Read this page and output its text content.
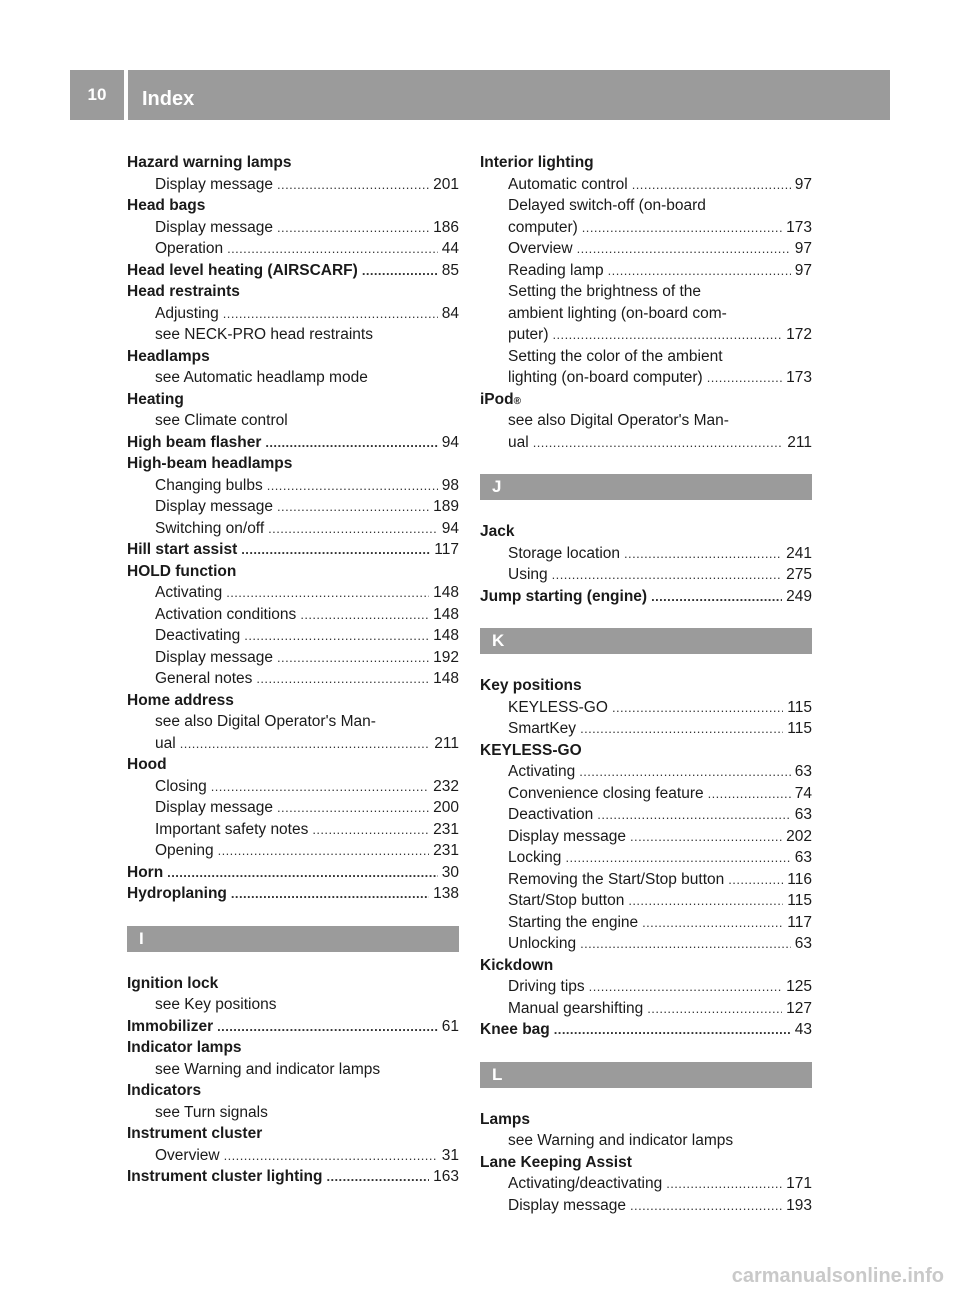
10	Index
Hazard warning lamps
Display message . . .	201
Head bags
Display message . . .	186
Operation . . .	44
Head level heating (AIRSCARF) . . .	85
Head restraints
Adjusting . . .	84
see NECK-PRO head restraints
Headlamps
see Automatic headlamp mode
Heating
see Climate control
High beam flasher . . .	94
High-beam headlamps
Changing bulbs . . .	98
Display message . . .	189
Switching on/off . . .	94
Hill start assist . . .	117
HOLD function
Activating . . .	148
Activation conditions . . .	148
Deactivating . . .	148
Display message . . .	192
General notes . . .	148
Home address
see also Digital Operator's Man-
ual . . .	211
Hood
Closing . . .	232
Display message . . .	200
Important safety notes . . .	231
Opening . . .	231
Horn . . .	30
Hydroplaning . . .	138
I
Ignition lock
see Key positions
Immobilizer . . .	61
Indicator lamps
see Warning and indicator lamps
Indicators
see Turn signals
Instrument cluster
Overview . . .	31
Instrument cluster lighting . . .	163
Interior lighting
Automatic control . . .	97
Delayed switch-off (on-board
computer) . . .	173
Overview . . .	97
Reading lamp . . .	97
Setting the brightness of the
ambient lighting (on-board com-
puter) . . .	172
Setting the color of the ambient
lighting (on-board computer) . . .	173
iPod ®
see also Digital Operator's Man-
ual . . .	211
J
Jack
Storage location . . .	241
Using . . .	275
Jump starting (engine) . . .	249
K
Key positions
KEYLESS-GO . . .	115
SmartKey . . .	115
KEYLESS-GO
Activating . . .	63
Convenience closing feature . . .	74
Deactivation . . .	63
Display message . . .	202
Locking . . .	63
Removing the Start/Stop button . . .	116
Start/Stop button . . .	115
Starting the engine . . .	117
Unlocking . . .	63
Kickdown
Driving tips . . .	125
Manual gearshifting . . .	127
Knee bag . . .	43
L
Lamps
see Warning and indicator lamps
Lane Keeping Assist
Activating/deactivating . . .	171
Display message . . .	193
carmanualsonline.info
